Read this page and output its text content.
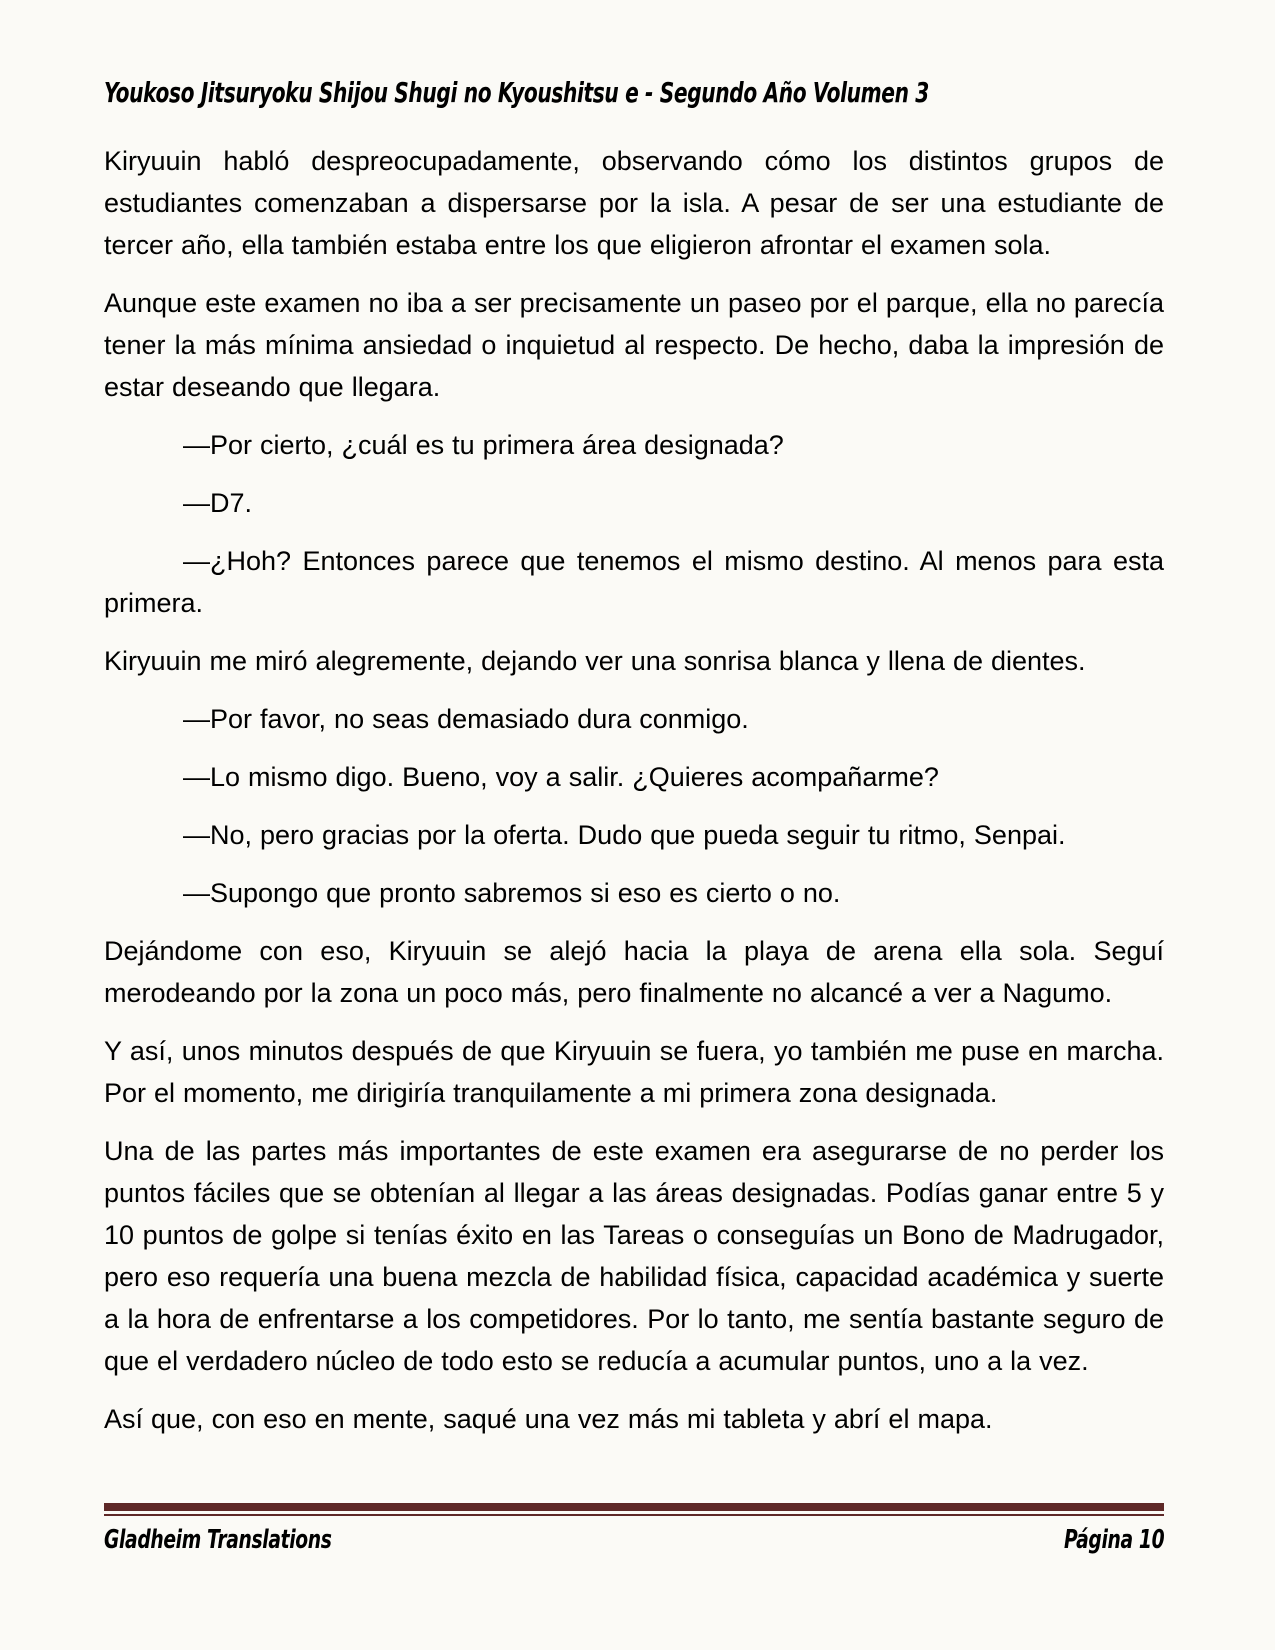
Youkoso Jitsuryoku Shijou Shugi no Kyoushitsu e - Segundo Año Volumen 3

Kiryuuin habló despreocupadamente, observando cómo los distintos grupos de estudiantes comenzaban a dispersarse por la isla. A pesar de ser una estudiante de tercer año, ella también estaba entre los que eligieron afrontar el examen sola.

Aunque este examen no iba a ser precisamente un paseo por el parque, ella no parecía tener la más mínima ansiedad o inquietud al respecto. De hecho, daba la impresión de estar deseando que llegara.

—Por cierto, ¿cuál es tu primera área designada?

—D7.

—¿Hoh? Entonces parece que tenemos el mismo destino. Al menos para esta primera.

Kiryuuin me miró alegremente, dejando ver una sonrisa blanca y llena de dientes.

—Por favor, no seas demasiado dura conmigo.

—Lo mismo digo. Bueno, voy a salir. ¿Quieres acompañarme?

—No, pero gracias por la oferta. Dudo que pueda seguir tu ritmo, Senpai.

—Supongo que pronto sabremos si eso es cierto o no.

Dejándome con eso, Kiryuuin se alejó hacia la playa de arena ella sola. Seguí merodeando por la zona un poco más, pero finalmente no alcancé a ver a Nagumo.

Y así, unos minutos después de que Kiryuuin se fuera, yo también me puse en marcha. Por el momento, me dirigiría tranquilamente a mi primera zona designada.

Una de las partes más importantes de este examen era asegurarse de no perder los puntos fáciles que se obtenían al llegar a las áreas designadas. Podías ganar entre 5 y 10 puntos de golpe si tenías éxito en las Tareas o conseguías un Bono de Madrugador, pero eso requería una buena mezcla de habilidad física, capacidad académica y suerte a la hora de enfrentarse a los competidores. Por lo tanto, me sentía bastante seguro de que el verdadero núcleo de todo esto se reducía a acumular puntos, uno a la vez.

Así que, con eso en mente, saqué una vez más mi tableta y abrí el mapa.

Gladheim Translations	Página 10
